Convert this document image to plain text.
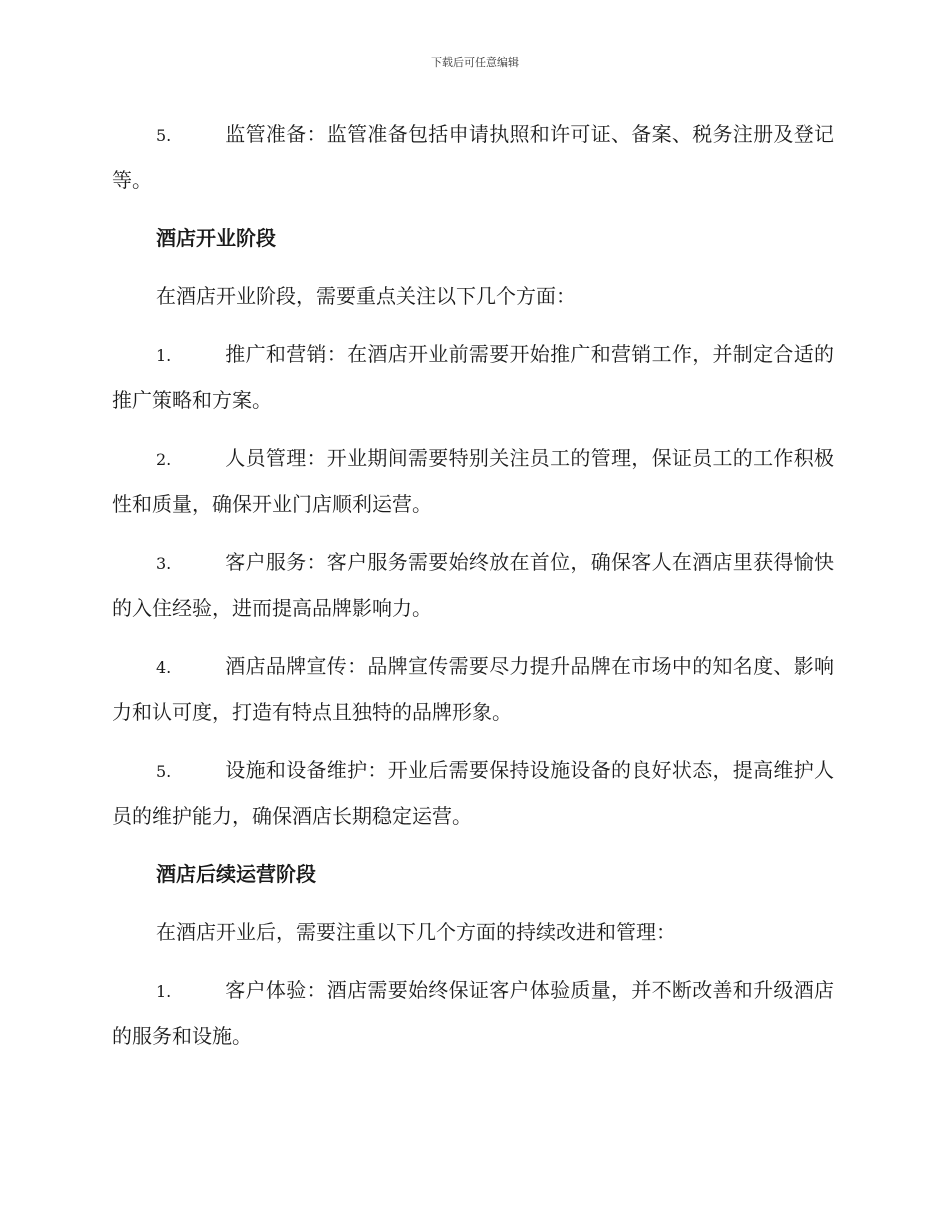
下载后可任意编辑

5.	监管准备：监管准备包括申请执照和许可证、备案、税务注册及登记等。

酒店开业阶段

在酒店开业阶段，需要重点关注以下几个方面：

1.	推广和营销：在酒店开业前需要开始推广和营销工作，并制定合适的推广策略和方案。

2.	人员管理：开业期间需要特别关注员工的管理，保证员工的工作积极性和质量，确保开业门店顺利运营。

3.	客户服务：客户服务需要始终放在首位，确保客人在酒店里获得愉快的入住经验，进而提高品牌影响力。

4.	酒店品牌宣传：品牌宣传需要尽力提升品牌在市场中的知名度、影响力和认可度，打造有特点且独特的品牌形象。

5.	设施和设备维护：开业后需要保持设施设备的良好状态，提高维护人员的维护能力，确保酒店长期稳定运营。

酒店后续运营阶段

在酒店开业后，需要注重以下几个方面的持续改进和管理：

1.	客户体验：酒店需要始终保证客户体验质量，并不断改善和升级酒店的服务和设施。
